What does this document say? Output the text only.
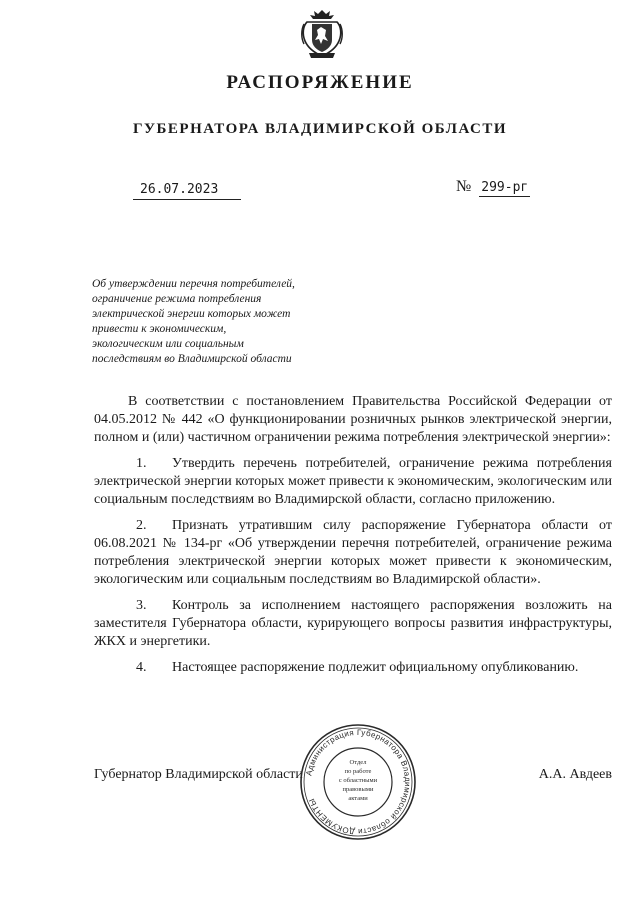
РАСПОРЯЖЕНИЕ
ГУБЕРНАТОРА ВЛАДИМИРСКОЙ ОБЛАСТИ
26.07.2023	№ 299-рг
Об утверждении перечня потребителей,
ограничение режима потребления
электрической энергии которых может
привести к экономическим,
экологическим или социальным
последствиям во Владимирской области

В соответствии с постановлением Правительства Российской Федерации от 04.05.2012 № 442 «О функционировании розничных рынков электрической энергии, полном и (или) частичном ограничении режима потребления электрической энергии»:

1. Утвердить перечень потребителей, ограничение режима потребления электрической энергии которых может привести к экономическим, экологическим или социальным последствиям во Владимирской области, согласно приложению.

2. Признать утратившим силу распоряжение Губернатора области от 06.08.2021 № 134-рг «Об утверждении перечня потребителей, ограничение режима потребления электрической энергии которых может привести к экономическим, экологическим или социальным последствиям во Владимирской области».

3. Контроль за исполнением настоящего распоряжения возложить на заместителя Губернатора области, курирующего вопросы развития инфраструктуры, ЖКХ и энергетики.

4. Настоящее распоряжение подлежит официальному опубликованию.

Губернатор Владимирской области	А.А. Авдеев
Администрация Губернатора Владимирской области ДОКУМЕНТЫ
Отдел
по работе
с областными
правовыми
актами
